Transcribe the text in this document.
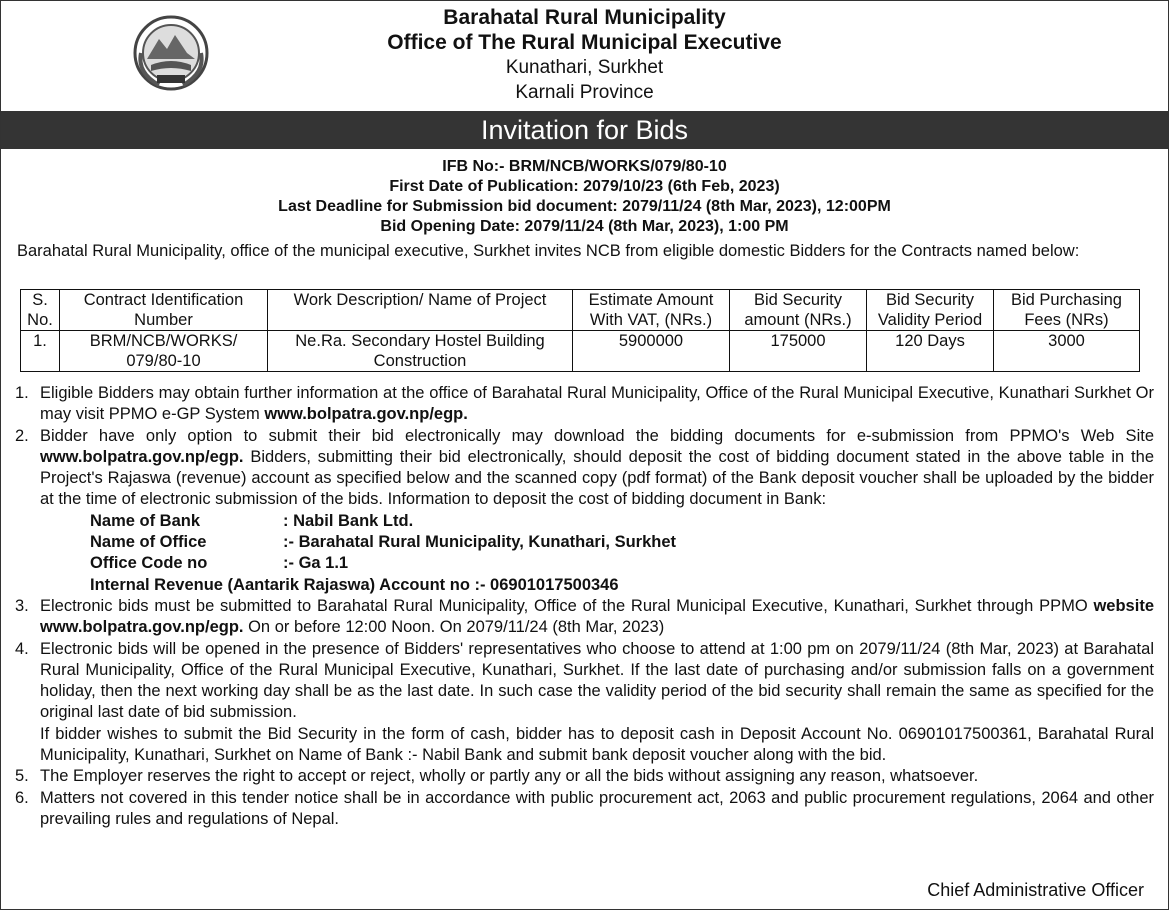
Barahatal Rural Municipality
Office of The Rural Municipal Executive
Kunathari, Surkhet
Karnali Province
Invitation for Bids
IFB No:- BRM/NCB/WORKS/079/80-10
First Date of Publication: 2079/10/23 (6th Feb, 2023)
Last Deadline for Submission bid document: 2079/11/24 (8th Mar, 2023), 12:00PM
Bid Opening Date: 2079/11/24 (8th Mar, 2023), 1:00 PM
Barahatal Rural Municipality, office of the municipal executive, Surkhet invites NCB from eligible domestic Bidders for the Contracts named below:
S. No.	Contract Identification Number	Work Description/ Name of Project	Estimate Amount With VAT, (NRs.)	Bid Security amount (NRs.)	Bid Security Validity Period	Bid Purchasing Fees (NRs)
1.	BRM/NCB/WORKS/ 079/80-10	Ne.Ra. Secondary Hostel Building Construction	5900000	175000	120 Days	3000
1. Eligible Bidders may obtain further information at the office of Barahatal Rural Municipality, Office of the Rural Municipal Executive, Kunathari Surkhet Or may visit PPMO e-GP System www.bolpatra.gov.np/egp.
2. Bidder have only option to submit their bid electronically may download the bidding documents for e-submission from PPMO's Web Site www.bolpatra.gov.np/egp. Bidders, submitting their bid electronically, should deposit the cost of bidding document stated in the above table in the Project's Rajaswa (revenue) account as specified below and the scanned copy (pdf format) of the Bank deposit voucher shall be uploaded by the bidder at the time of electronic submission of the bids. Information to deposit the cost of bidding document in Bank:
Name of Bank	: Nabil Bank Ltd.
Name of Office	:- Barahatal Rural Municipality, Kunathari, Surkhet
Office Code no	:- Ga 1.1
Internal Revenue (Aantarik Rajaswa) Account no :- 06901017500346
3. Electronic bids must be submitted to Barahatal Rural Municipality, Office of the Rural Municipal Executive, Kunathari, Surkhet through PPMO website www.bolpatra.gov.np/egp. On or before 12:00 Noon. On 2079/11/24 (8th Mar, 2023)
4. Electronic bids will be opened in the presence of Bidders' representatives who choose to attend at 1:00 pm on 2079/11/24 (8th Mar, 2023) at Barahatal Rural Municipality, Office of the Rural Municipal Executive, Kunathari, Surkhet. If the last date of purchasing and/or submission falls on a government holiday, then the next working day shall be as the last date. In such case the validity period of the bid security shall remain the same as specified for the original last date of bid submission.
If bidder wishes to submit the Bid Security in the form of cash, bidder has to deposit cash in Deposit Account No. 06901017500361, Barahatal Rural Municipality, Kunathari, Surkhet on Name of Bank :- Nabil Bank and submit bank deposit voucher along with the bid.
5. The Employer reserves the right to accept or reject, wholly or partly any or all the bids without assigning any reason, whatsoever.
6. Matters not covered in this tender notice shall be in accordance with public procurement act, 2063 and public procurement regulations, 2064 and other prevailing rules and regulations of Nepal.
Chief Administrative Officer
